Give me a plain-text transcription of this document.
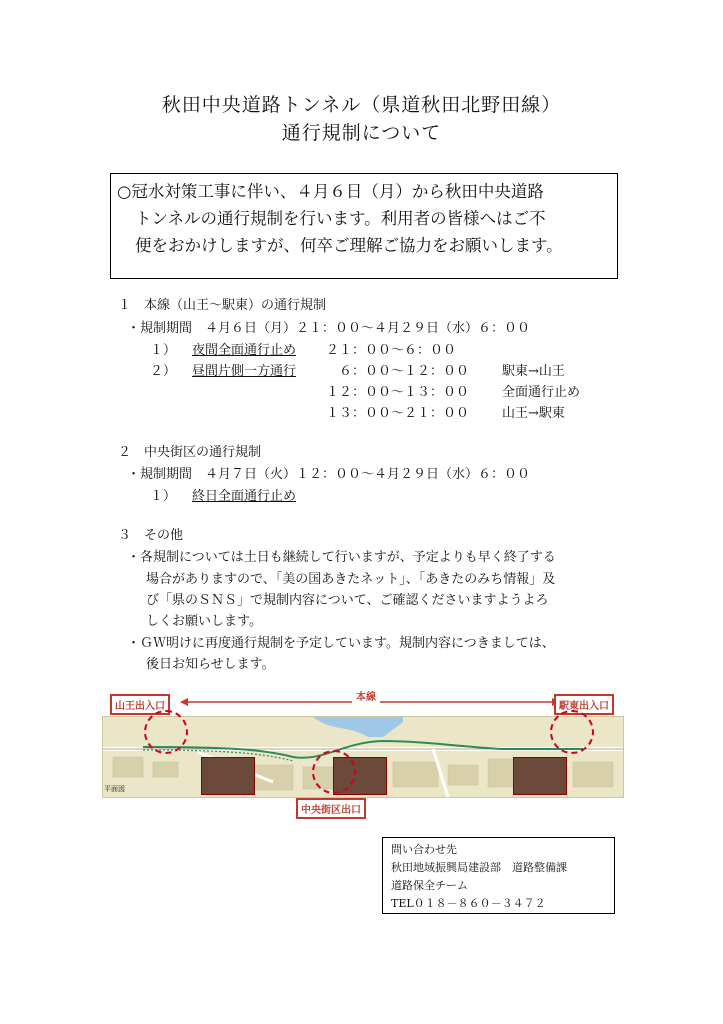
秋田中央道路トンネル（県道秋田北野田線）
通行規制について
○冠水対策工事に伴い、４月６日（月）から秋田中央道路
トンネルの通行規制を行います。利用者の皆様へはご不
便をおかけしますが、何卒ご理解ご協力をお願いします。
１　本線（山王～駅東）の通行規制
・規制期間　４月６日（月）２１：００～４月２９日（水）６：００
１） 夜間全面通行止め ２１：００～６：００
２） 昼間片側一方通行 　６：００～１２：００	駅東→山王
１２：００～１３：００	全面通行止め
１３：００～２１：００	山王→駅東
２　中央街区の通行規制
・規制期間　４月７日（火）１２：００～４月２９日（水）６：００
１） 終日全面通行止め
３　その他
・各規制については土日も継続して行いますが、予定よりも早く終了する
場合がありますので、「美の国あきたネット」、「あきたのみち情報」及
び「県のＳＮＳ」で規制内容について、ご確認くださいますようよろ
しくお願いします。
・ＧＷ明けに再度通行規制を予定しています。規制内容につきましては、
後日お知らせします。
本線
山王出入口	駅東出入口
中央街区出口
平面図
問い合わせ先
秋田地域振興局建設部　道路整備課
道路保全チーム
TEL０１８－８６０－３４７２
